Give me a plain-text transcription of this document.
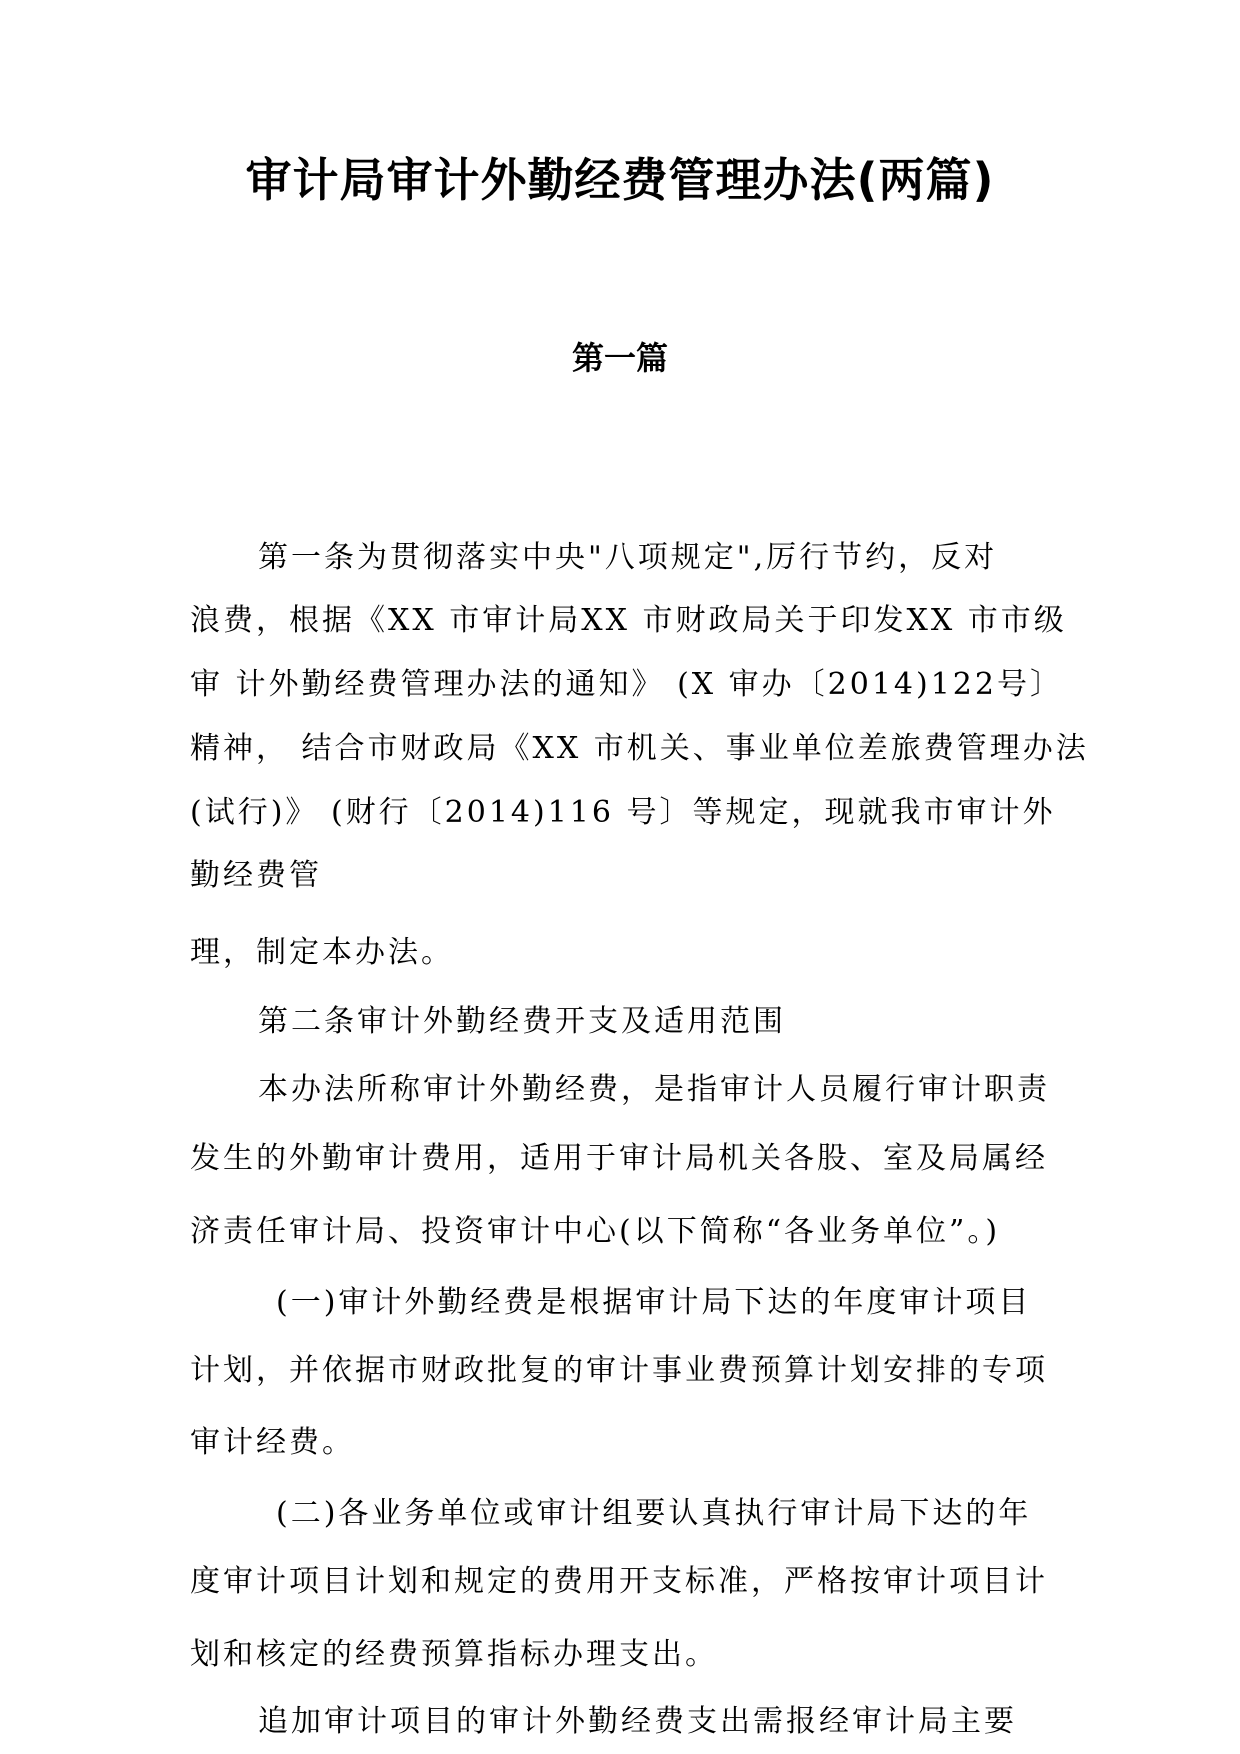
审计局审计外勤经费管理办法(两篇)
第一篇
第一条为贯彻落实中央"八项规定",厉行节约，反对
浪费，根据《XX 市审计局XX 市财政局关于印发XX 市市级
审 计外勤经费管理办法的通知》 (X 审办〔2014)122号〕
精神， 结合市财政局《XX 市机关、事业单位差旅费管理办法
(试行)》 (财行〔2014)116 号〕等规定，现就我市审计外
勤经费管
理，制定本办法。
第二条审计外勤经费开支及适用范围
本办法所称审计外勤经费，是指审计人员履行审计职责
发生的外勤审计费用，适用于审计局机关各股、室及局属经
济责任审计局、投资审计中心(以下简称“各业务单位”。)
(一)审计外勤经费是根据审计局下达的年度审计项目
计划，并依据市财政批复的审计事业费预算计划安排的专项
审计经费。
(二)各业务单位或审计组要认真执行审计局下达的年
度审计项目计划和规定的费用开支标准，严格按审计项目计
划和核定的经费预算指标办理支出。
追加审计项目的审计外勤经费支出需报经审计局主要
